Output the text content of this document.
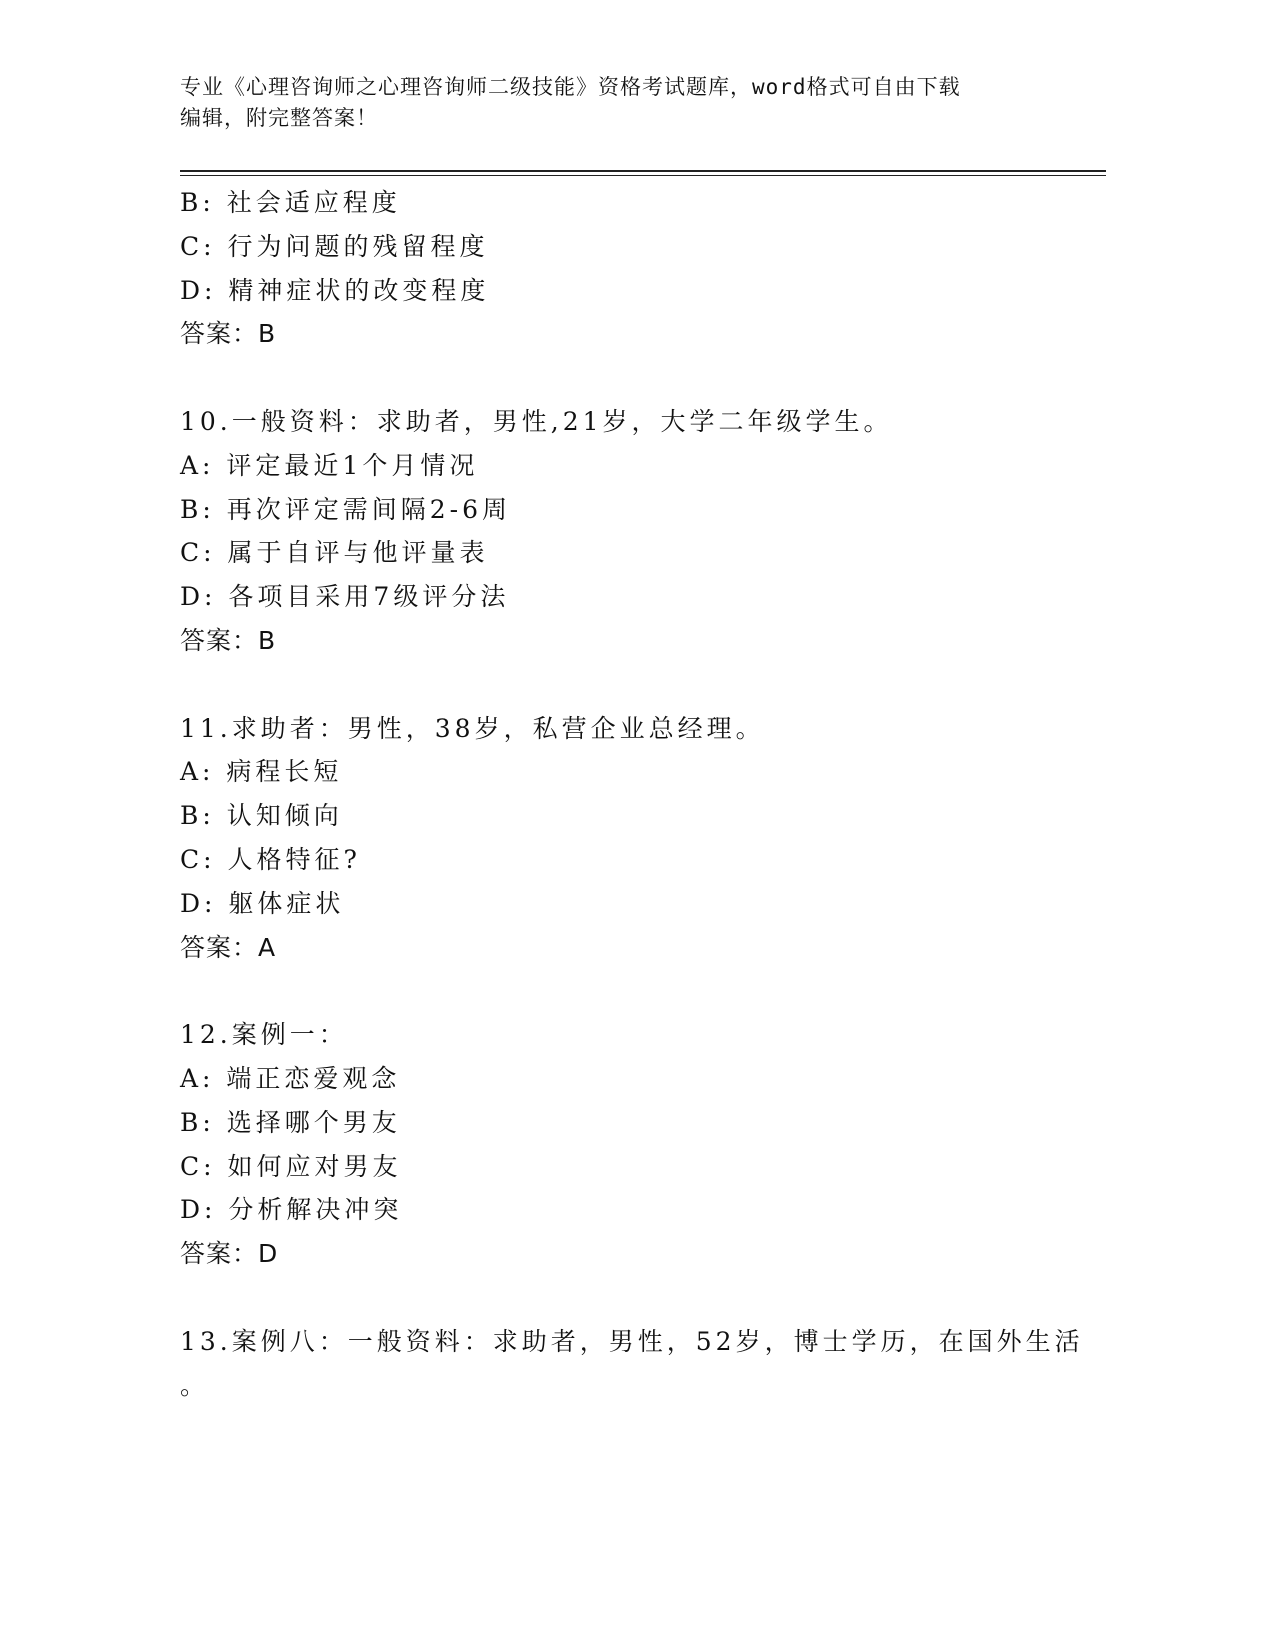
专业《心理咨询师之心理咨询师二级技能》资格考试题库，word格式可自由下载
编辑，附完整答案！
B: 社会适应程度
C: 行为问题的残留程度
D: 精神症状的改变程度
答案：B
10.一般资料：求助者，男性,21岁，大学二年级学生。
A: 评定最近1个月情况
B: 再次评定需间隔2-6周
C: 属于自评与他评量表
D: 各项目采用7级评分法
答案：B
11.求助者：男性，38岁，私营企业总经理。
A: 病程长短
B: 认知倾向
C: 人格特征?
D: 躯体症状
答案：A
12.案例一：
A: 端正恋爱观念
B: 选择哪个男友
C: 如何应对男友
D: 分析解决冲突
答案：D
13.案例八：一般资料：求助者，男性，52岁，博士学历，在国外生活
。
